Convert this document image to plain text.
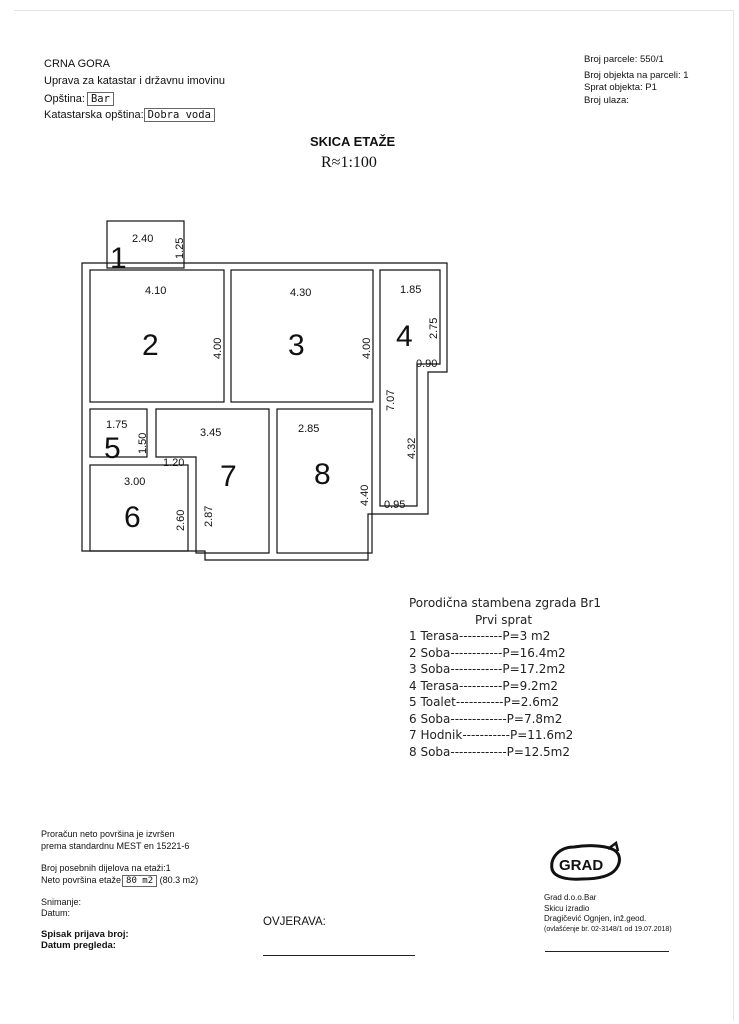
CRNA GORA
Uprava za katastar i državnu imovinu
Opština: Bar
Katastarska opština: Dobra voda
Broj parcele: 550/1
Broj objekta na parceli: 1
Sprat objekta: P1
Broj ulaza:
SKICA ETAŽE
R≈1:100
2.40 1.25
4.10
4.00
4.30
4.00
1.85
2.75
0.90
7.07
4.32
0.95
1.75
1.50
3.00
2.60
3.45
1.20
2.87
2.85
4.40
1
2	3	4
5
6
7	8
Porodična stambena zgrada Br1
Prvi sprat
1 Terasa----------P=3 m2
2 Soba------------P=16.4m2
3 Soba------------P=17.2m2
4 Terasa----------P=9.2m2
5 Toalet-----------P=2.6m2
6 Soba-------------P=7.8m2
7 Hodnik-----------P=11.6m2
8 Soba-------------P=12.5m2
Proračun neto površina je izvršen
prema standardnu MEST en 15221-6
Broj posebnih dijelova na etaži:1
Neto površina etaže 80 m2 (80.3 m2)
Snimanje:
Datum:
Spisak prijava broj:
Datum pregleda:
OVJERAVA:
GRAD
Grad d.o.o.Bar
Skicu izradio
Dragičević Ognjen, inž.geod.
(ovlašćenje br. 02-3148/1 od 19.07.2018)
